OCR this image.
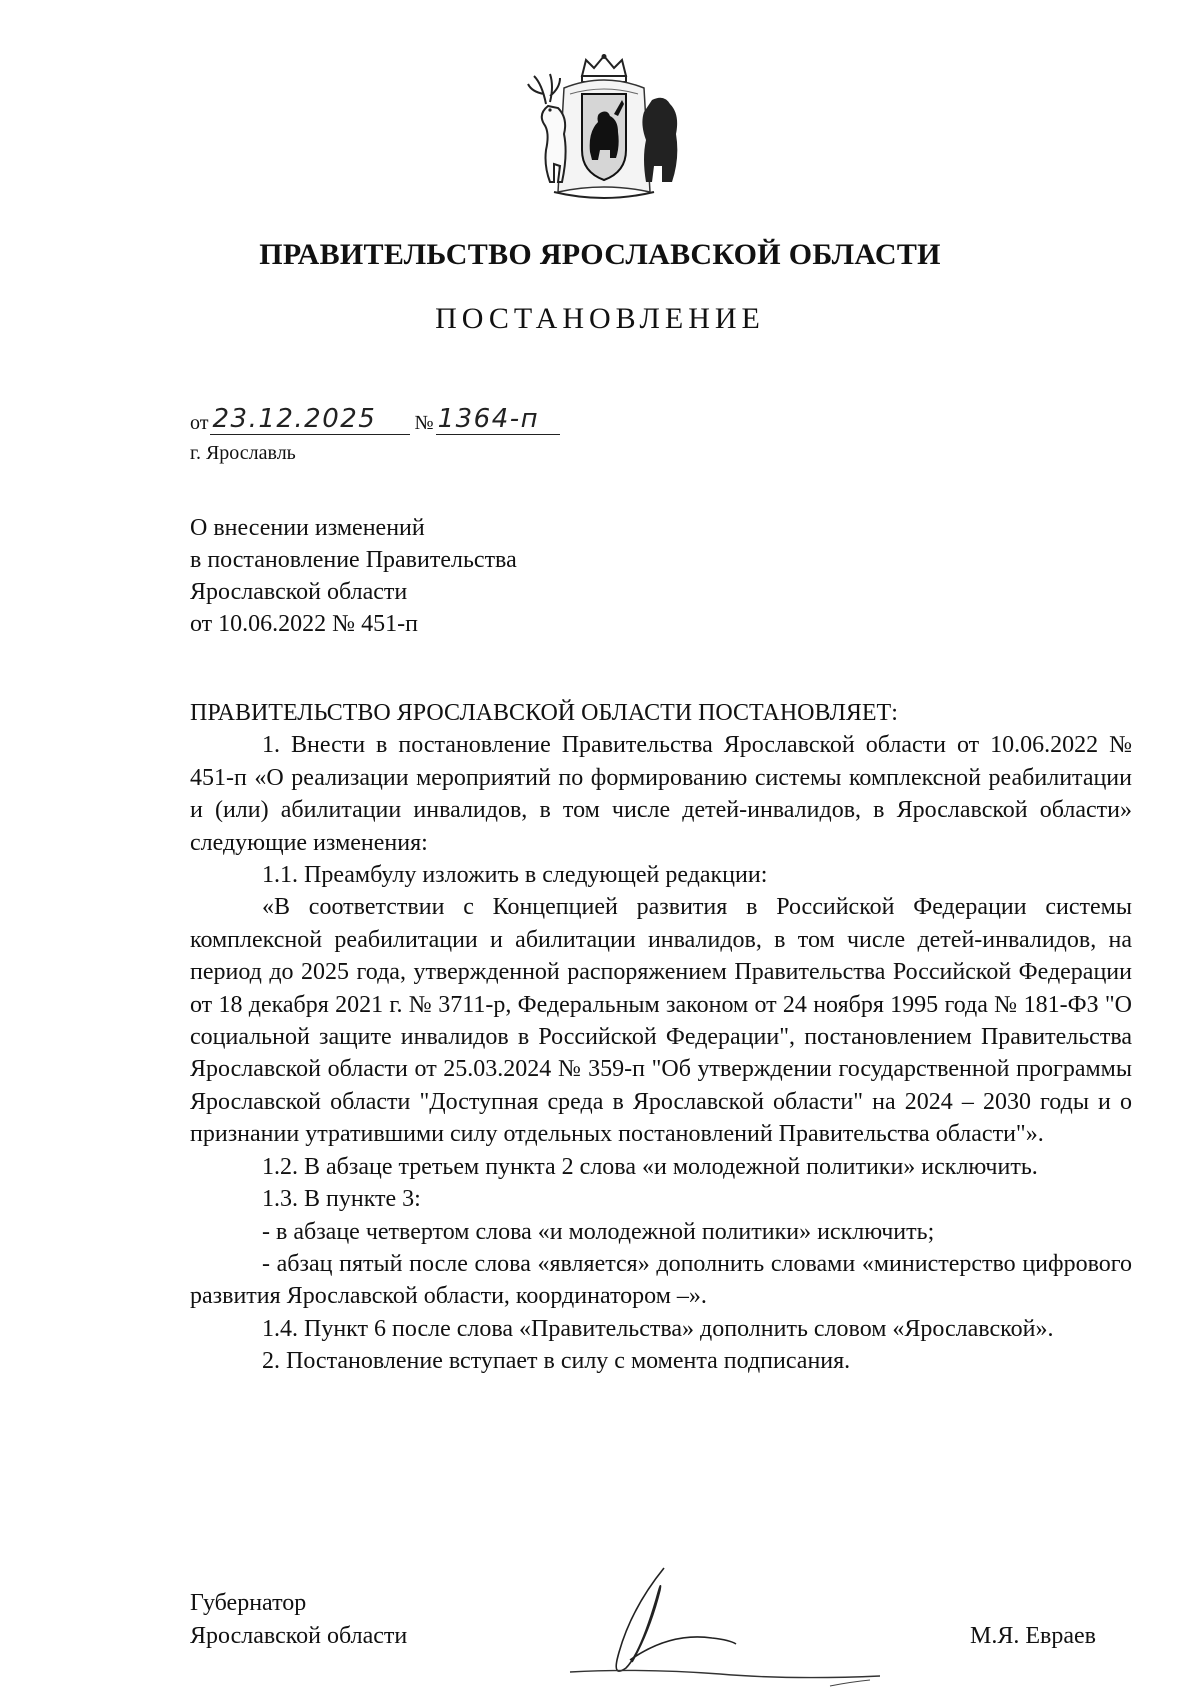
ПРАВИТЕЛЬСТВО ЯРОСЛАВСКОЙ ОБЛАСТИ
ПОСТАНОВЛЕНИЕ
от 23.12.2025	№ 1364-п
г. Ярославль
О внесении изменений
в постановление Правительства
Ярославской области
от 10.06.2022 № 451-п

ПРАВИТЕЛЬСТВО ЯРОСЛАВСКОЙ ОБЛАСТИ ПОСТАНОВЛЯЕТ:

1. Внести в постановление Правительства Ярославской области от 10.06.2022 № 451-п «О реализации мероприятий по формированию системы комплексной реабилитации и (или) абилитации инвалидов, в том числе детей-инвалидов, в Ярославской области» следующие изменения:

1.1. Преамбулу изложить в следующей редакции:

«В соответствии с Концепцией развития в Российской Федерации системы комплексной реабилитации и абилитации инвалидов, в том числе детей-инвалидов, на период до 2025 года, утвержденной распоряжением Правительства Российской Федерации от 18 декабря 2021 г. № 3711-р, Федеральным законом от 24 ноября 1995 года № 181-ФЗ "О социальной защите инвалидов в Российской Федерации", постановлением Правительства Ярославской области от 25.03.2024 № 359-п "Об утверждении государственной программы Ярославской области "Доступная среда в Ярославской области" на 2024 – 2030 годы и о признании утратившими силу отдельных постановлений Правительства области"».

1.2. В абзаце третьем пункта 2 слова «и молодежной политики» исключить.

1.3. В пункте 3:

- в абзаце четвертом слова «и молодежной политики» исключить;

- абзац пятый после слова «является» дополнить словами «министерство цифрового развития Ярославской области, координатором –».

1.4. Пункт 6 после слова «Правительства» дополнить словом «Ярославской».

2. Постановление вступает в силу с момента подписания.

Губернатор
Ярославской области	М.Я. Евраев
